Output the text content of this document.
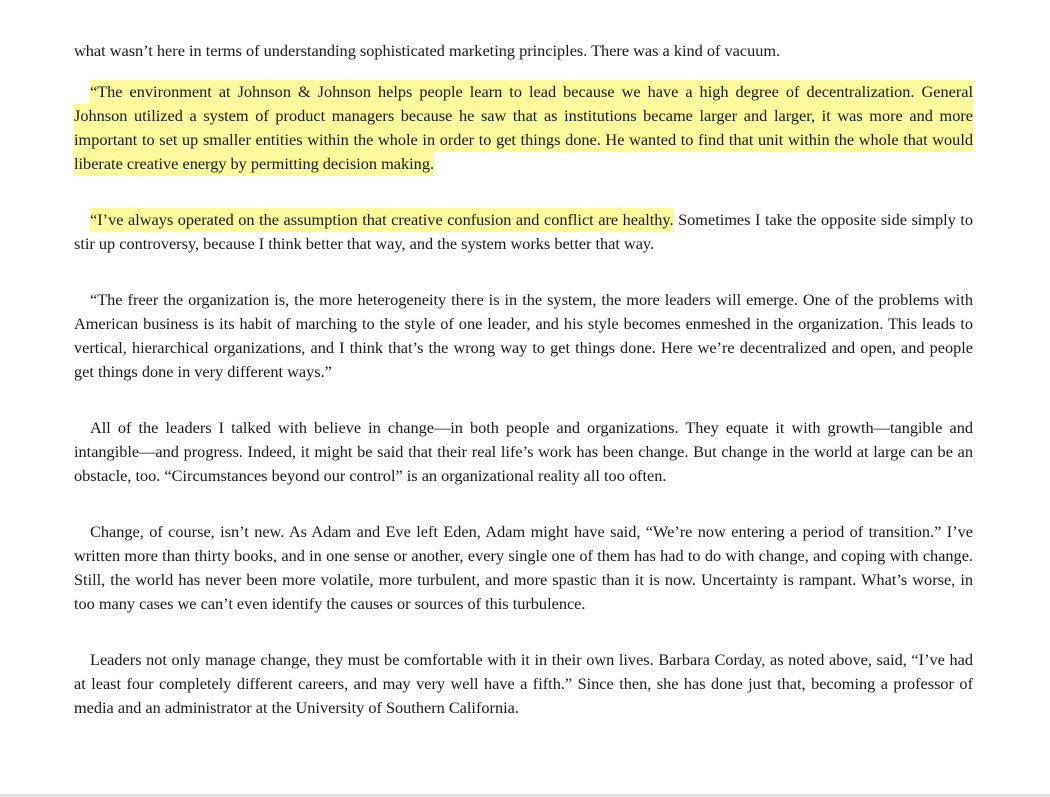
what wasn’t here in terms of understanding sophisticated marketing principles. There was a kind of vacuum.

“The environment at Johnson & Johnson helps people learn to lead because we have a high degree of decentralization. General Johnson utilized a system of product managers because he saw that as institutions became larger and larger, it was more and more important to set up smaller entities within the whole in order to get things done. He wanted to find that unit within the whole that would liberate creative energy by permitting decision making.

“I’ve always operated on the assumption that creative confusion and conflict are healthy. Sometimes I take the opposite side simply to stir up controversy, because I think better that way, and the system works better that way.

“The freer the organization is, the more heterogeneity there is in the system, the more leaders will emerge. One of the problems with American business is its habit of marching to the style of one leader, and his style becomes enmeshed in the organization. This leads to vertical, hierarchical organizations, and I think that’s the wrong way to get things done. Here we’re decentralized and open, and people get things done in very different ways.”

All of the leaders I talked with believe in change—in both people and organizations. They equate it with growth—tangible and intangible—and progress. Indeed, it might be said that their real life’s work has been change. But change in the world at large can be an obstacle, too. “Circumstances beyond our control” is an organizational reality all too often.

Change, of course, isn’t new. As Adam and Eve left Eden, Adam might have said, “We’re now entering a period of transition.” I’ve written more than thirty books, and in one sense or another, every single one of them has had to do with change, and coping with change. Still, the world has never been more volatile, more turbulent, and more spastic than it is now. Uncertainty is rampant. What’s worse, in too many cases we can’t even identify the causes or sources of this turbulence.

Leaders not only manage change, they must be comfortable with it in their own lives. Barbara Corday, as noted above, said, “I’ve had at least four completely different careers, and may very well have a fifth.” Since then, she has done just that, becoming a professor of media and an administrator at the University of Southern California.
